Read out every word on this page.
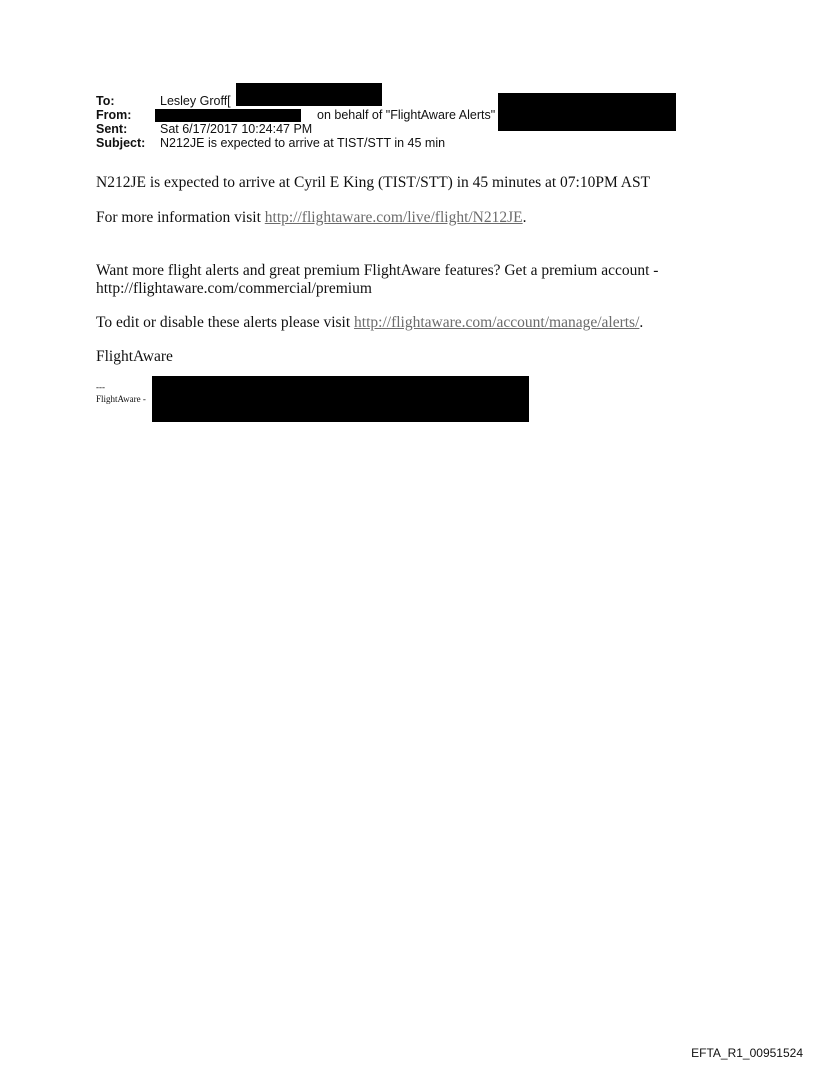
To:	Lesley Groff[
From:	on behalf of "FlightAware Alerts"
Sent:	Sat 6/17/2017 10:24:47 PM
Subject: N212JE is expected to arrive at TIST/STT in 45 min
N212JE is expected to arrive at Cyril E King (TIST/STT) in 45 minutes at 07:10PM AST
For more information visit http://flightaware.com/live/flight/N212JE.
Want more flight alerts and great premium FlightAware features? Get a premium account -
http://flightaware.com/commercial/premium
To edit or disable these alerts please visit http://flightaware.com/account/manage/alerts/.
FlightAware
---
FlightAware -
EFTA_R1_00951524
